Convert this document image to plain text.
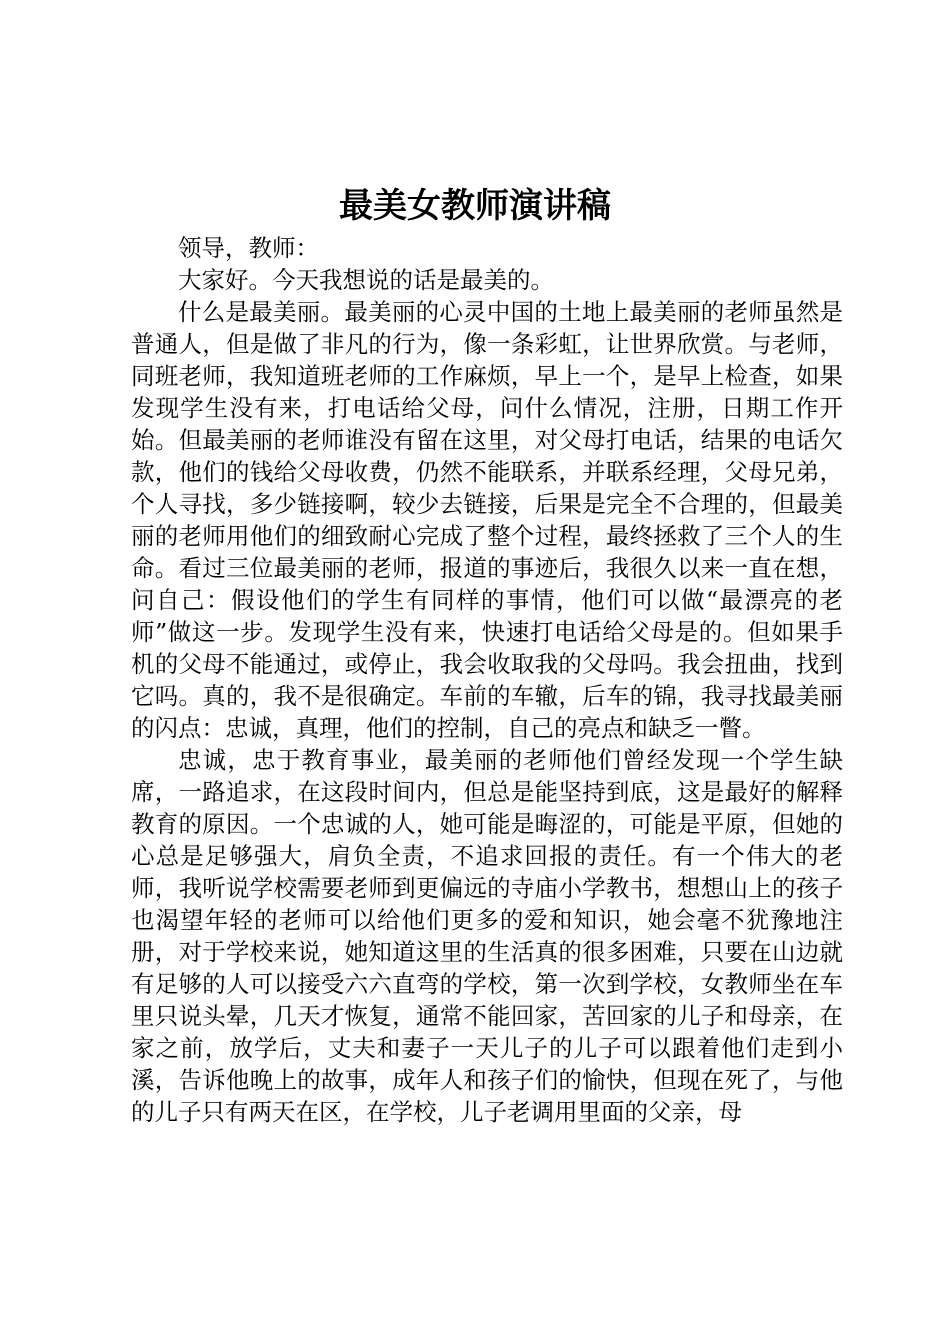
最美女教师演讲稿

领导，教师：

大家好。今天我想说的话是最美的。

什么是最美丽。最美丽的心灵中国的土地上最美丽的老师虽然是普通人，但是做了非凡的行为，像一条彩虹，让世界欣赏。与老师，同班老师，我知道班老师的工作麻烦，早上一个，是早上检查，如果发现学生没有来，打电话给父母，问什么情况，注册，日期工作开始。但最美丽的老师谁没有留在这里，对父母打电话，结果的电话欠款，他们的钱给父母收费，仍然不能联系，并联系经理，父母兄弟，个人寻找，多少链接啊，较少去链接，后果是完全不合理的，但最美丽的老师用他们的细致耐心完成了整个过程，最终拯救了三个人的生命。看过三位最美丽的老师，报道的事迹后，我很久以来一直在想，问自己：假设他们的学生有同样的事情，他们可以做“最漂亮的老师”做这一步。发现学生没有来，快速打电话给父母是的。但如果手机的父母不能通过，或停止，我会收取我的父母吗。我会扭曲，找到它吗。真的，我不是很确定。车前的车辙，后车的锦，我寻找最美丽的闪点：忠诚，真理，他们的控制，自己的亮点和缺乏一瞥。

忠诚，忠于教育事业，最美丽的老师他们曾经发现一个学生缺席，一路追求，在这段时间内，但总是能坚持到底，这是最好的解释教育的原因。一个忠诚的人，她可能是晦涩的，可能是平原，但她的心总是足够强大，肩负全责，不追求回报的责任。有一个伟大的老师，我听说学校需要老师到更偏远的寺庙小学教书，想想山上的孩子也渴望年轻的老师可以给他们更多的爱和知识，她会毫不犹豫地注册，对于学校来说，她知道这里的生活真的很多困难，只要在山边就有足够的人可以接受六六直弯的学校，第一次到学校，女教师坐在车里只说头晕，几天才恢复，通常不能回家，苦回家的儿子和母亲，在家之前，放学后，丈夫和妻子一天儿子的儿子可以跟着他们走到小溪，告诉他晚上的故事，成年人和孩子们的愉快，但现在死了，与他的儿子只有两天在区，在学校，儿子老调用里面的父亲，母
